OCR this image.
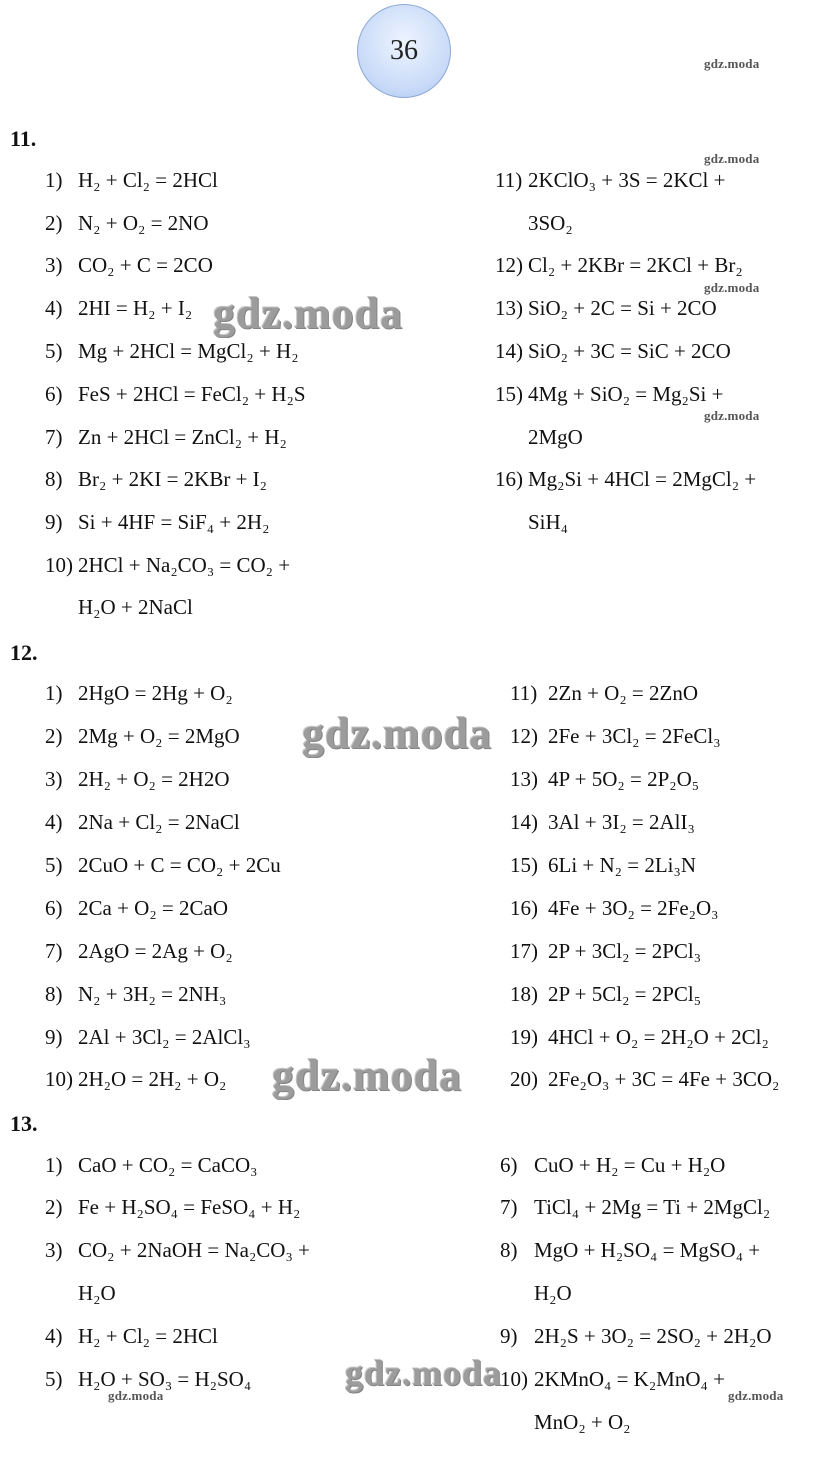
36	gdz.moda
gdz.moda
gdz.moda
gdz.moda
gdz.moda	gdz.moda
11.
12.
13.
1) H₂ + Cl₂ = 2HCl
2) N₂ + O₂ = 2NO
3) CO₂ + C = 2CO
4) 2HI = H₂ + I₂
5) Mg + 2HCl = MgCl₂ + H₂
6) FeS + 2HCl = FeCl₂ + H₂S
7) Zn + 2HCl = ZnCl₂ + H₂
8) Br₂ + 2KI = 2KBr + I₂
9) Si + 4HF = SiF₄ + 2H₂
10) 2HCl + Na₂CO₃ = CO₂ +
H₂O + 2NaCl
11) 2KClO₃ + 3S = 2KCl +
3SO₂
12) Cl₂ + 2KBr = 2KCl + Br₂
13) SiO₂ + 2C = Si + 2CO
14) SiO₂ + 3C = SiC + 2CO
15) 4Mg + SiO₂ = Mg₂Si +
2MgO
16) Mg₂Si + 4HCl = 2MgCl₂ +
SiH₄
1) 2HgO = 2Hg + O₂
2) 2Mg + O₂ = 2MgO
3) 2H₂ + O₂ = 2H2O
4) 2Na + Cl₂ = 2NaCl
5) 2CuO + C = CO₂ + 2Cu
6) 2Ca + O₂ = 2CaO
7) 2AgO = 2Ag + O₂
8) N₂ + 3H₂ = 2NH₃
9) 2Al + 3Cl₂ = 2AlCl₃
10) 2H₂O = 2H₂ + O₂
11) 2Zn + O₂ = 2ZnO
12) 2Fe + 3Cl₂ = 2FeCl₃
13) 4P + 5O₂ = 2P₂O₅
14) 3Al + 3I₂ = 2AlI₃
15) 6Li + N₂ = 2Li₃N
16) 4Fe + 3O₂ = 2Fe₂O₃
17) 2P + 3Cl₂ = 2PCl₃
18) 2P + 5Cl₂ = 2PCl₅
19) 4HCl + O₂ = 2H₂O + 2Cl₂
20) 2Fe₂O₃ + 3C = 4Fe + 3CO₂
1) CaO + CO₂ = CaCO₃
2) Fe + H₂SO₄ = FeSO₄ + H₂
3) CO₂ + 2NaOH = Na₂CO₃ +
H₂O
4) H₂ + Cl₂ = 2HCl
5) H₂O + SO₃ = H₂SO₄
6) CuO + H₂ = Cu + H₂O
7) TiCl₄ + 2Mg = Ti + 2MgCl₂
8) MgO + H₂SO₄ = MgSO₄ +
H₂O
9) 2H₂S + 3O₂ = 2SO₂ + 2H₂O
10) 2KMnO₄ = K₂MnO₄ +
MnO₂ + O₂
gdz.moda
gdz.moda
gdz.moda
gdz.moda
